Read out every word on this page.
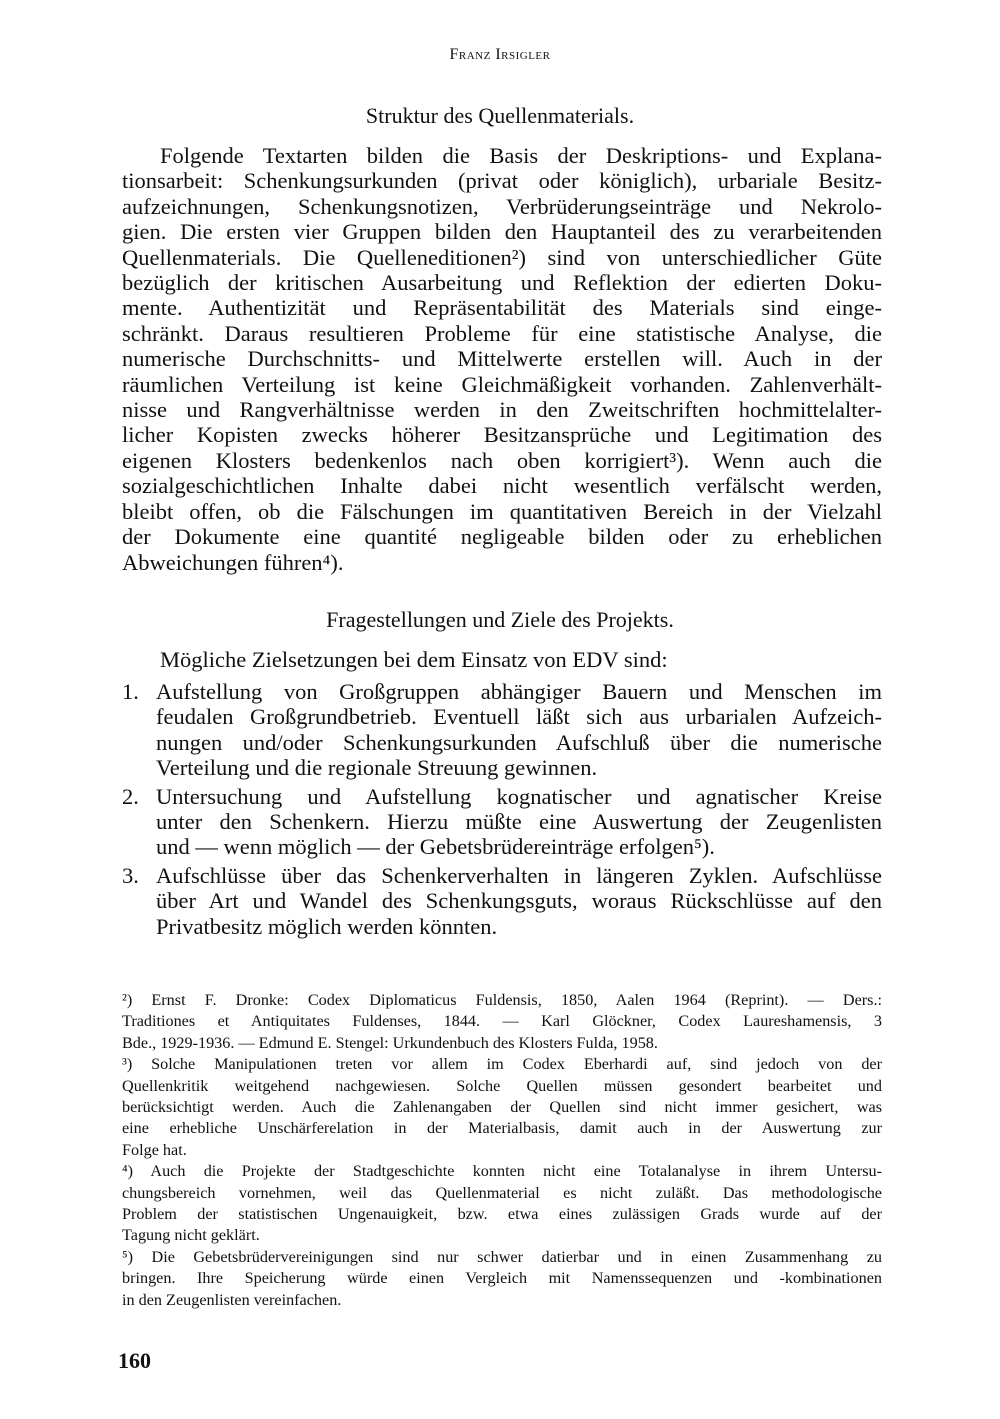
Franz Irsigler
Struktur des Quellenmaterials.
Folgende Textarten bilden die Basis der Deskriptions- und Explana-
tionsarbeit: Schenkungsurkunden (privat oder königlich), urbariale Besitz-
aufzeichnungen, Schenkungsnotizen, Verbrüderungseinträge und Nekrolo-
gien. Die ersten vier Gruppen bilden den Hauptanteil des zu verarbeitenden
Quellenmaterials. Die Quelleneditionen²) sind von unterschiedlicher Güte
bezüglich der kritischen Ausarbeitung und Reflektion der edierten Doku-
mente. Authentizität und Repräsentabilität des Materials sind einge-
schränkt. Daraus resultieren Probleme für eine statistische Analyse, die
numerische Durchschnitts- und Mittelwerte erstellen will. Auch in der
räumlichen Verteilung ist keine Gleichmäßigkeit vorhanden. Zahlenverhält-
nisse und Rangverhältnisse werden in den Zweitschriften hochmittelalter-
licher Kopisten zwecks höherer Besitzansprüche und Legitimation des
eigenen Klosters bedenkenlos nach oben korrigiert³). Wenn auch die
sozialgeschichtlichen Inhalte dabei nicht wesentlich verfälscht werden,
bleibt offen, ob die Fälschungen im quantitativen Bereich in der Vielzahl
der Dokumente eine quantité negligeable bilden oder zu erheblichen
Abweichungen führen⁴).
Fragestellungen und Ziele des Projekts.
Mögliche Zielsetzungen bei dem Einsatz von EDV sind:
1. Aufstellung von Großgruppen abhängiger Bauern und Menschen im
feudalen Großgrundbetrieb. Eventuell läßt sich aus urbarialen Aufzeich-
nungen und/oder Schenkungsurkunden Aufschluß über die numerische
Verteilung und die regionale Streuung gewinnen.
2. Untersuchung und Aufstellung kognatischer und agnatischer Kreise
unter den Schenkern. Hierzu müßte eine Auswertung der Zeugenlisten
und — wenn möglich — der Gebetsbrüdereinträge erfolgen⁵).
3. Aufschlüsse über das Schenkerverhalten in längeren Zyklen. Aufschlüsse
über Art und Wandel des Schenkungsguts, woraus Rückschlüsse auf den
Privatbesitz möglich werden könnten.
²) Ernst F. Dronke: Codex Diplomaticus Fuldensis, 1850, Aalen 1964 (Reprint). — Ders.:
Traditiones et Antiquitates Fuldenses, 1844. — Karl Glöckner, Codex Laureshamensis, 3
Bde., 1929-1936. — Edmund E. Stengel: Urkundenbuch des Klosters Fulda, 1958.
³) Solche Manipulationen treten vor allem im Codex Eberhardi auf, sind jedoch von der
Quellenkritik weitgehend nachgewiesen. Solche Quellen müssen gesondert bearbeitet und
berücksichtigt werden. Auch die Zahlenangaben der Quellen sind nicht immer gesichert, was
eine erhebliche Unschärferelation in der Materialbasis, damit auch in der Auswertung zur
Folge hat.
⁴) Auch die Projekte der Stadtgeschichte konnten nicht eine Totalanalyse in ihrem Untersu-
chungsbereich vornehmen, weil das Quellenmaterial es nicht zuläßt. Das methodologische
Problem der statistischen Ungenauigkeit, bzw. etwa eines zulässigen Grads wurde auf der
Tagung nicht geklärt.
⁵) Die Gebetsbrüdervereinigungen sind nur schwer datierbar und in einen Zusammenhang zu
bringen. Ihre Speicherung würde einen Vergleich mit Namenssequenzen und -kombinationen
in den Zeugenlisten vereinfachen.
160
